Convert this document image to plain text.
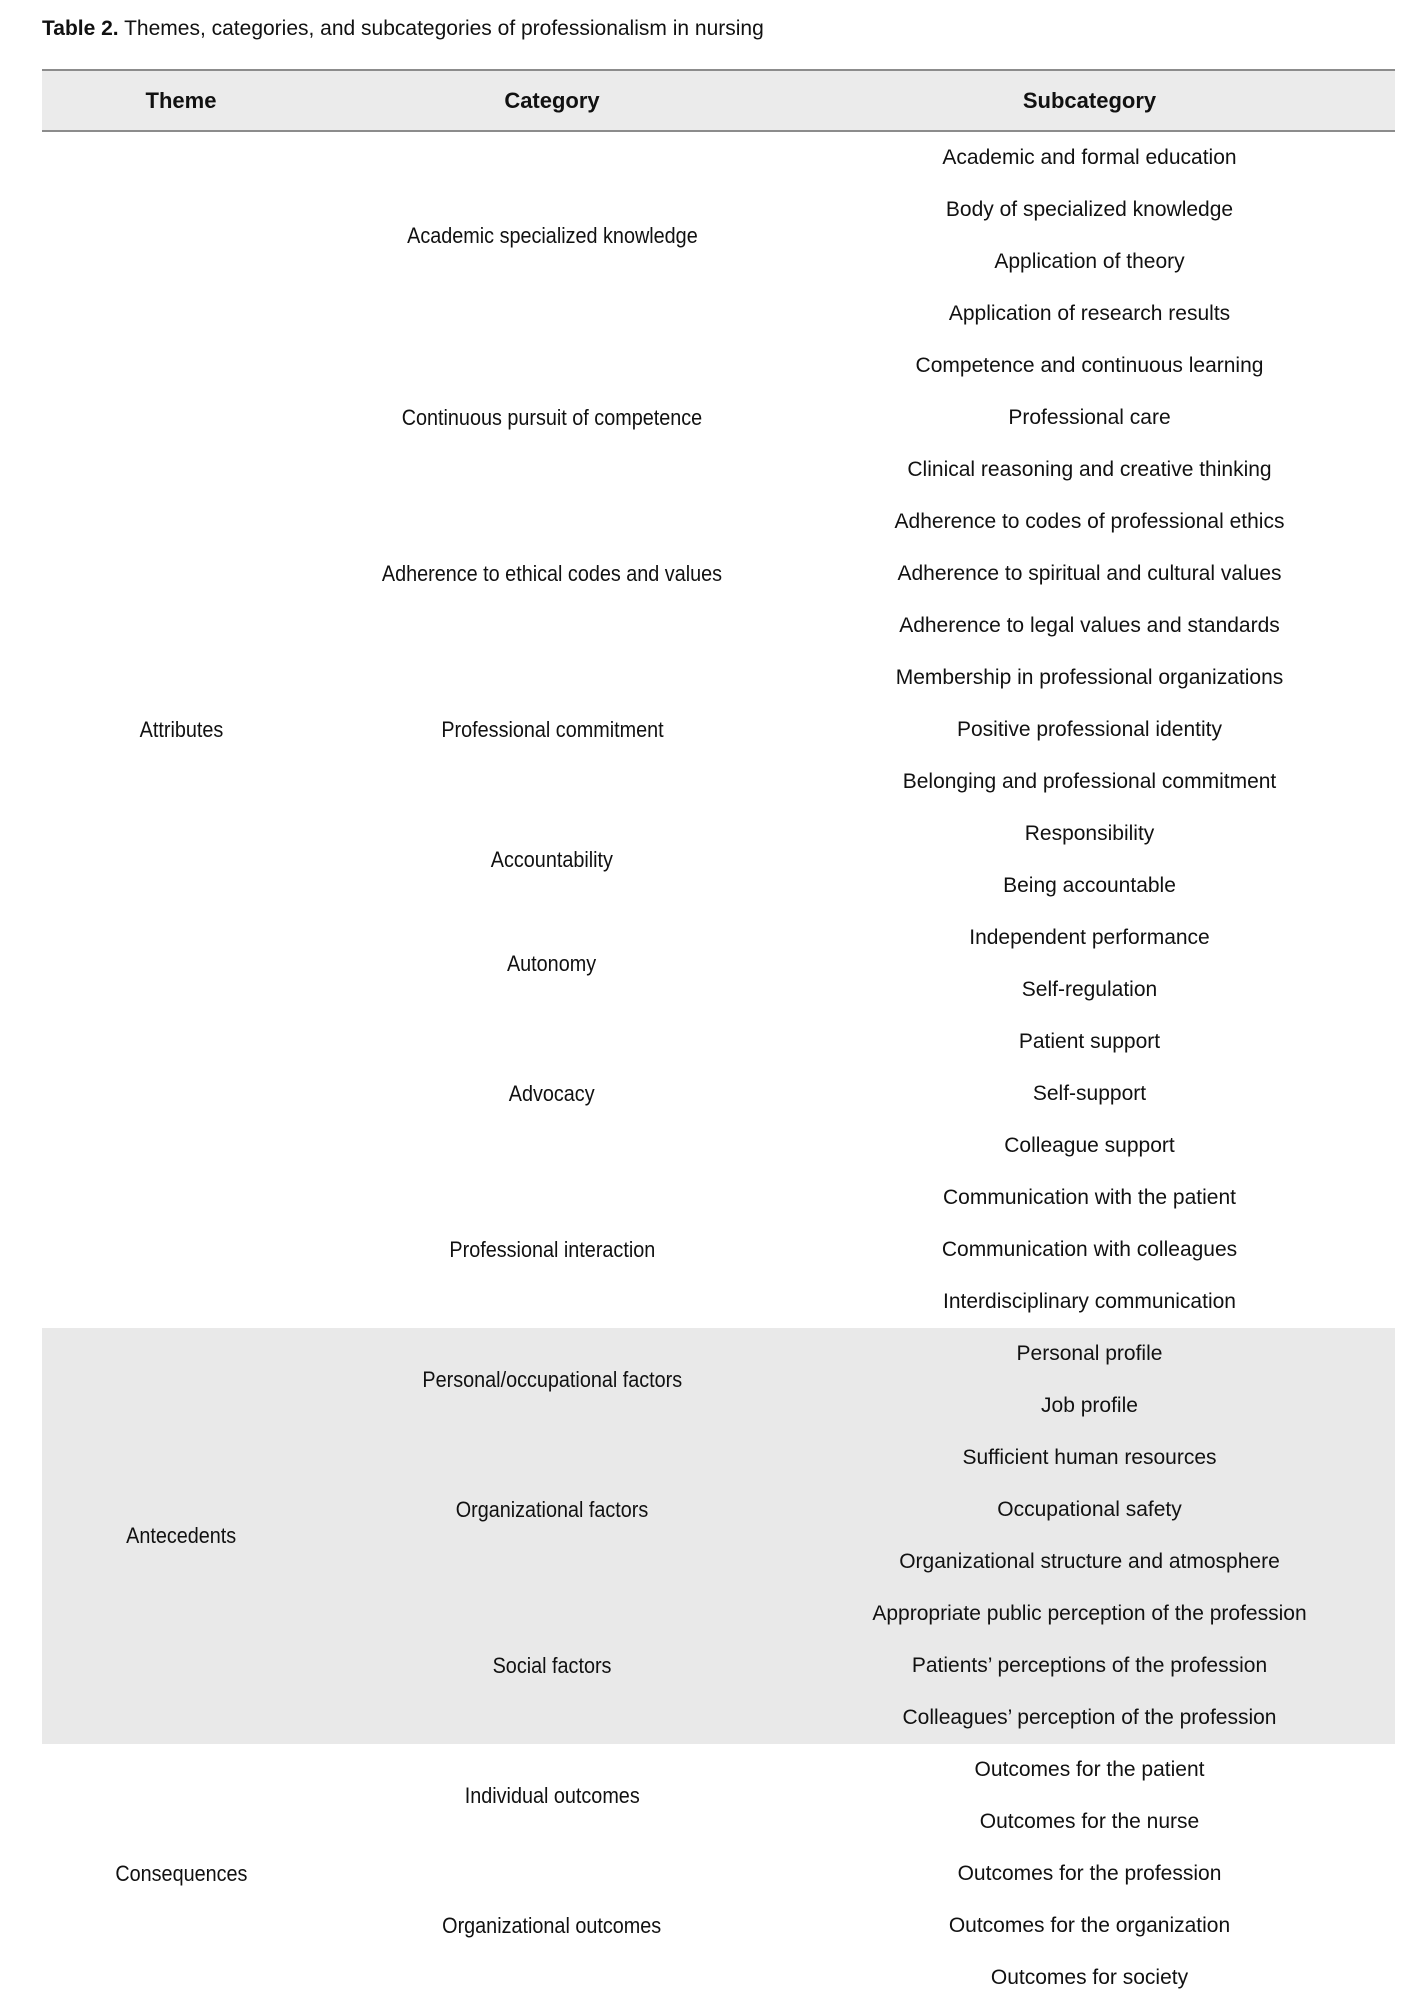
Table 2. Themes, categories, and subcategories of professionalism in nursing
Theme	Category	Subcategory
Attributes
Academic specialized knowledge
Academic and formal education
Body of specialized knowledge
Application of theory
Application of research results
Continuous pursuit of competence
Competence and continuous learning
Professional care
Clinical reasoning and creative thinking
Adherence to ethical codes and values
Adherence to codes of professional ethics
Adherence to spiritual and cultural values
Adherence to legal values and standards
Professional commitment
Membership in professional organizations
Positive professional identity
Belonging and professional commitment
Accountability
Responsibility
Being accountable
Autonomy
Independent performance
Self-regulation
Advocacy
Patient support
Self-support
Colleague support
Professional interaction
Communication with the patient
Communication with colleagues
Interdisciplinary communication
Antecedents
Personal/occupational factors
Personal profile
Job profile
Organizational factors
Sufficient human resources
Occupational safety
Organizational structure and atmosphere
Social factors
Appropriate public perception of the profession
Patients’ perceptions of the profession
Colleagues’ perception of the profession
Consequences
Individual outcomes
Outcomes for the patient
Outcomes for the nurse
Organizational outcomes
Outcomes for the profession
Outcomes for the organization
Outcomes for society
